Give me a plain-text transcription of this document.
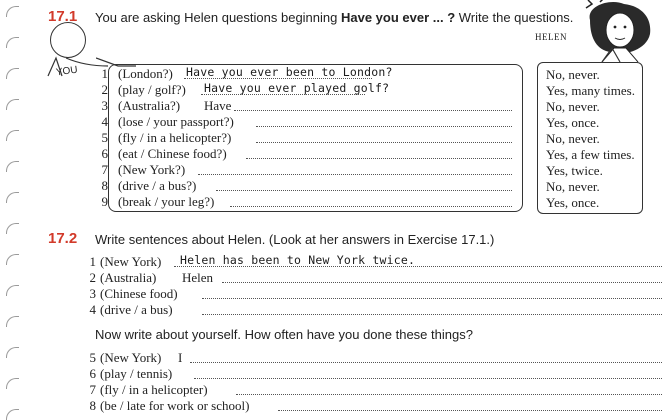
17.1 You are asking Helen questions beginning Have you ever ... ? Write the questions.
YOU
HELEN
1 (London?) Have you ever been to London?
2 (play / golf?) Have you ever played golf?
3 (Australia?) Have
4 (lose / your passport?)
5 (fly / in a helicopter?)
6 (eat / Chinese food?)
7 (New York?)
8 (drive / a bus?)
9 (break / your leg?)
No, never.
Yes, many times.
No, never.
Yes, once.
No, never.
Yes, a few times.
Yes, twice.
No, never.
Yes, once.
17.2 Write sentences about Helen. (Look at her answers in Exercise 17.1.)
1 (New York) Helen has been to New York twice.
2 (Australia) Helen
3 (Chinese food)
4 (drive / a bus)
Now write about yourself. How often have you done these things?
5 (New York) I
6 (play / tennis)
7 (fly / in a helicopter)
8 (be / late for work or school)
